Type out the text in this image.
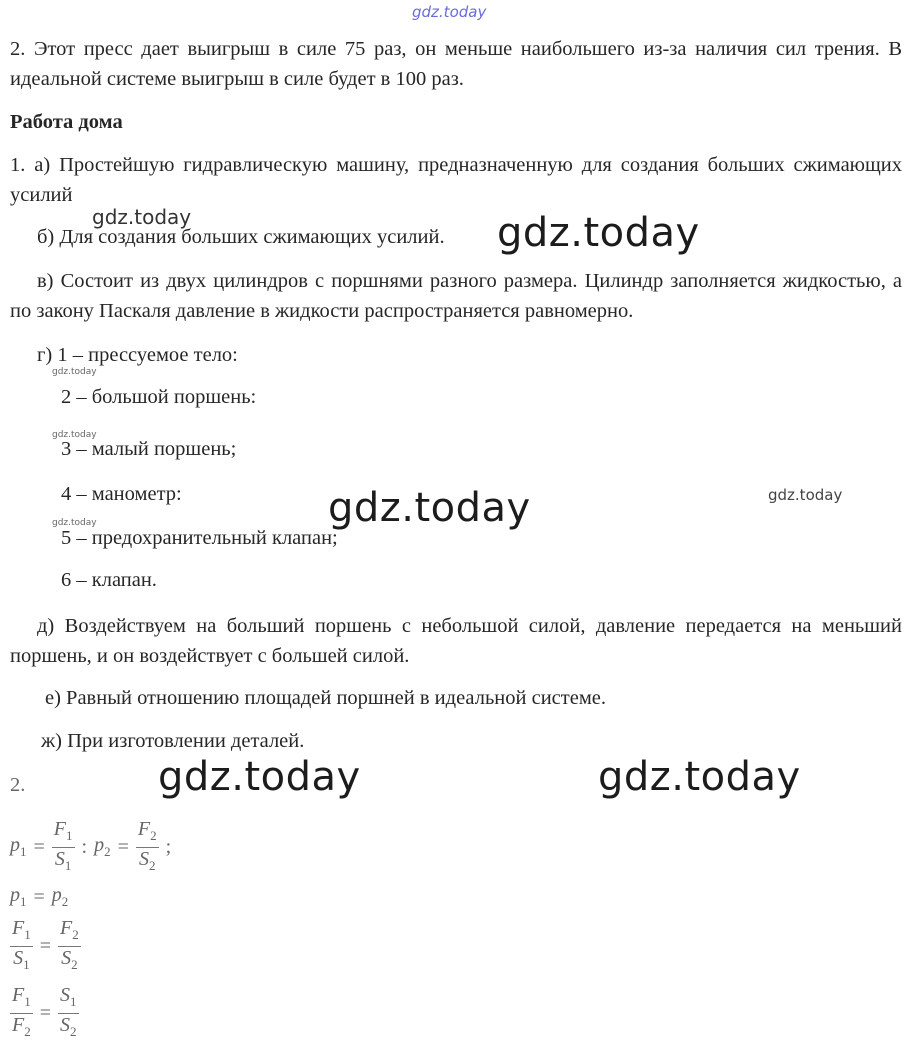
gdz.today
2. Этот пресс дает выигрыш в силе 75 раз, он меньше наибольшего из-за наличия сил трения. В идеальной системе выигрыш в силе будет в 100 раз.
Работа дома
1. а) Простейшую гидравлическую машину, предназначенную для создания больших сжимающих усилий
gdz.today
б) Для создания больших сжимающих усилий. gdz.today
в) Состоит из двух цилиндров с поршнями разного размера. Цилиндр заполняется жидкостью, а по закону Паскаля давление в жидкости распространяется равномерно.
г) 1 – прессуемое тело:
gdz.today
2 – большой поршень:
gdz.today
3 – малый поршень;
4 – манометр:	gdz.today	gdz.today
gdz.today
5 – предохранительный клапан;
6 – клапан.
д) Воздействуем на больший поршень с небольшой силой, давление передается на меньший поршень, и он воздействует с большей силой.
е) Равный отношению площадей поршней в идеальной системе.
ж) При изготовлении деталей.
2.	gdz.today	gdz.today
$p_1 = \frac{F_1}{S_1}$ : $p_2 = \frac{F_2}{S_2}$ ;
$p_1 = p_2$
$\frac{F_1}{S_1} = \frac{F_2}{S_2}$
$\frac{F_1}{F_2} = \frac{S_1}{S_2}$
